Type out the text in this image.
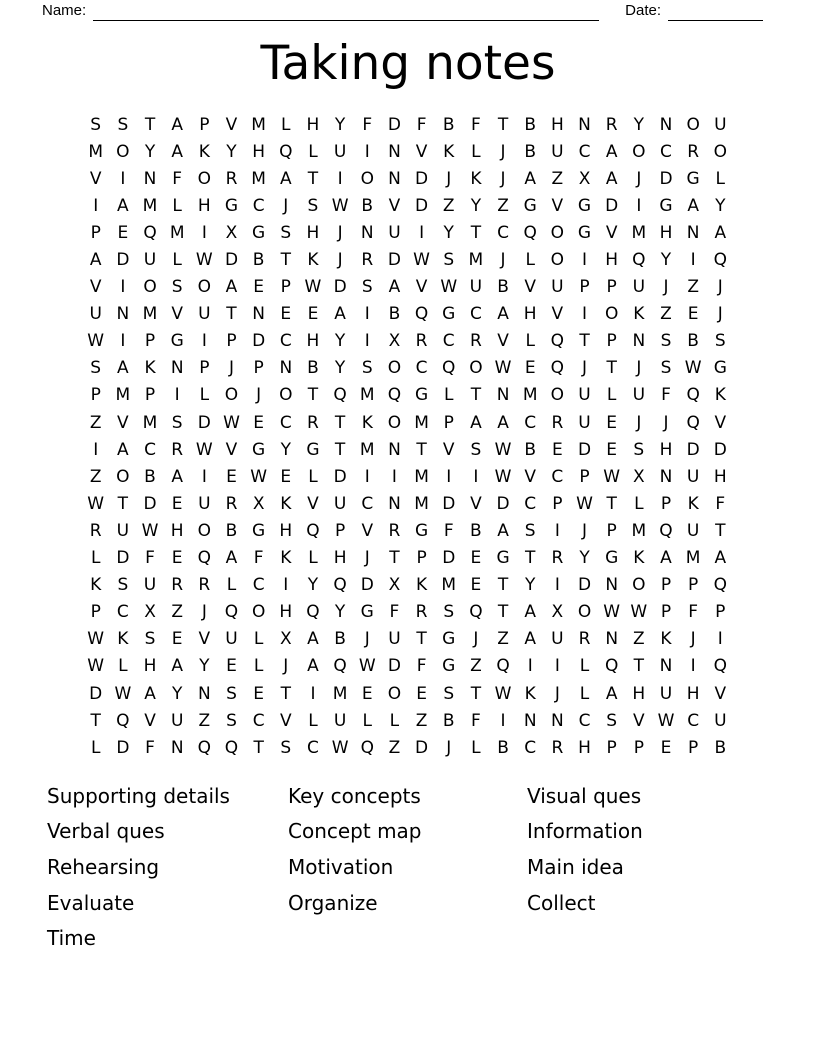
Name:	Date:
Taking notes
S S T A P V M L H Y	F D F B F	T B H N R Y N O U
M O Y A K Y H Q L U	I	N V K L	J	B U C A O C R O
V	I	N F O R M A T	I	O N D	J	K	J	A Z X A	J	D G L
I	A M L H G C	J	S W B V D Z Y Z G V G D	I	G A Y
P E Q M	I	X G S H	J	N U	I	Y T C Q O G V M H N A
A D U L W D B T K	J	R D W S M	J	L O	I	H Q Y	I	Q
V	I	O S O A E P W D S A V W U B V U P P U	J	Z	J
U N M V U T N E E A	I	B Q G C A H V	I	O K Z E	J
W I	P G	I	P D C H Y	I	X R C R V L Q T P N S B S
S A K N P	J	P N B Y S O C Q O W E Q	J	T	J	S W G
P M P	I	L O	J	O T Q M Q G L	T N M O U L U F Q K
Z V M S D W E C R T K O M P A A C R U E	J	J	Q V
I	A C R W V G Y G T M N T V S W B E D E S H D D
Z O B A	I	E W E	L D	I	I	M	I	I W V C P W X N U H
W T D E U R X K V U C N M D V D C P W T	L	P K F
R U W H O B G H Q P V R G F B A S	I	J	P M Q U T
L D F E Q A F K L H	J	T P D E G T R Y G K A M A
K S U R R L C	I	Y Q D X K M E T Y	I	D N O P P Q
P C X Z	J	Q O H Q Y G F R S Q T A X O W W P	F	P
W K S E V U L X A B	J	U T G	J	Z A U R N Z K	J	I
W L H A Y E	L	J	A Q W D F G Z Q	I	I	L Q T N	I	Q
D W A Y N S E T	I	M E O E S T W K	J	L A H U H V
T Q V U Z S C V L U L	L Z B F	I	N N C S V W C U
L D F N Q Q T S C W Q Z D	J	L B C R H P P E P B
Supporting details
Verbal ques
Rehearsing
Evaluate
Time
Key concepts
Concept map
Motivation
Organize
Visual ques
Information
Main idea
Collect
